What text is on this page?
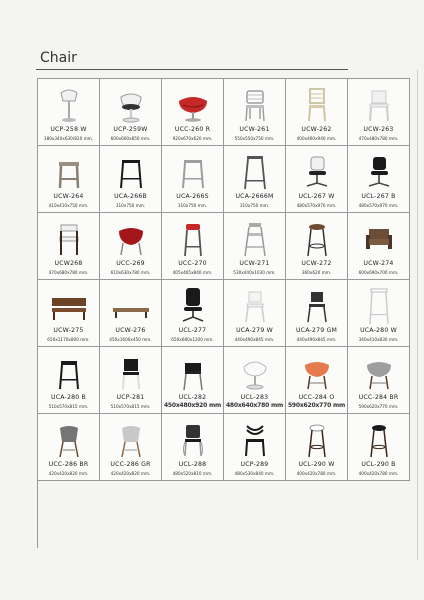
Chair
UCP-258 W
380x340x630/820 mm.
UCP-259W
600x600x850 mm.
UCC-260 R
920x670x620 mm.
UCW-261
550x550x750 mm.
UCW-262
400x460x940 mm.
UCW-263
470x480x780 mm.
UCW-264
410x410x750 mm.
UCA-266B
310x750 mm.
UCA-266S
310x750 mm.
UCA-2666M
310x750 mm.
UCL-267 W
480x570x970 mm.
UCL-267 B
480x570x970 mm.
UCW268
470x680x780 mm.
UCC-269
610x630x780 mm.
UCC-270
405x465x840 mm.
UCW-271
530x440x1030 mm.
UCW-272
360x620 mm.
UCW-274
600x690x700 mm.
UCW-275
650x1170x800 mm.
UCW-276
450x1600x450 mm.
UCL-277
650x680x1200 mm.
UCA-279 W
440x490x845 mm.
UCA-279 GM
440x490x845 mm.
UCA-280 W
340x410x830 mm.
UCA-280 B
510x570x815 mm.
UCP-281
510x570x815 mm.
UCL-282
450x480x920 mm
UCL-283
480x640x780 mm
UCC-284 O
590x620x770 mm
UCC-284 BR
590x620x770 mm.
UCC-286 BR
420x420x820 mm.
UCC-286 GR
420x420x820 mm.
UCL-288
480x520x810 mm.
UCP-289
480x530x840 mm.
UCL-290 W
400x420x780 mm.
UCL-290 B
400x420x780 mm.
